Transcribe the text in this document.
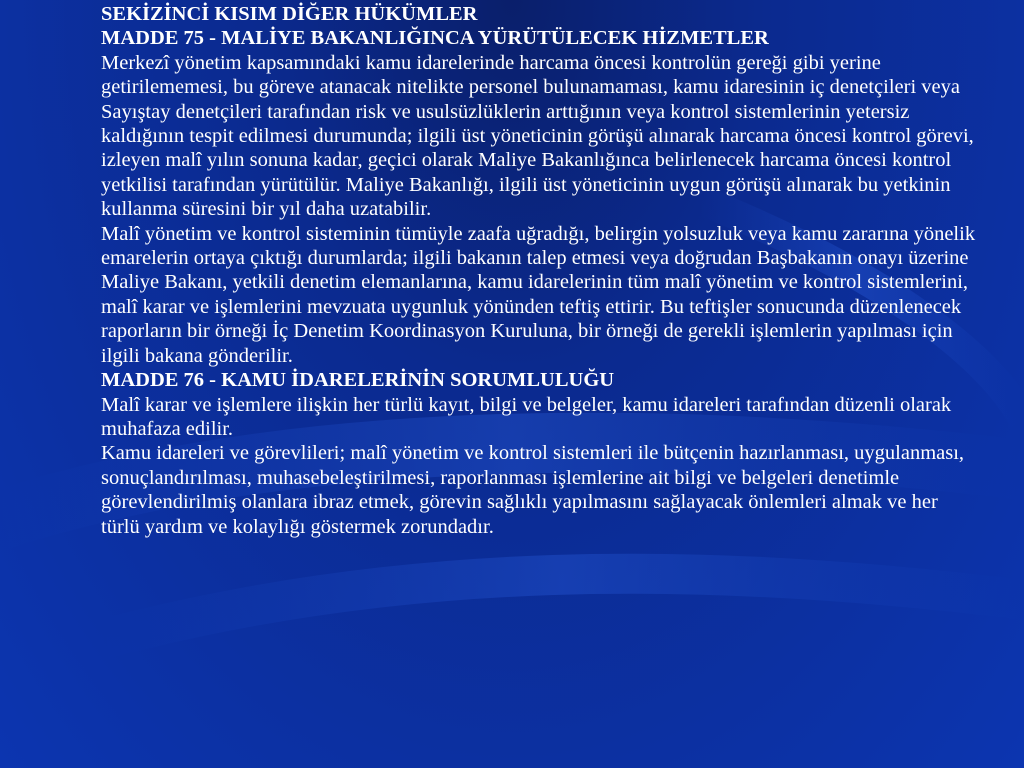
SEKİZİNCİ KISIM DİĞER HÜKÜMLER

MADDE 75 - MALİYE BAKANLIĞINCA YÜRÜTÜLECEK HİZMETLER

Merkezî yönetim kapsamındaki kamu idarelerinde harcama öncesi kontrolün gereği gibi yerine getirilememesi, bu göreve atanacak nitelikte personel bulunamaması, kamu idaresinin iç denetçileri veya Sayıştay denetçileri tarafından risk ve usulsüzlüklerin arttığının veya kontrol sistemlerinin yetersiz kaldığının tespit edilmesi durumunda; ilgili üst yöneticinin görüşü alınarak harcama öncesi kontrol görevi, izleyen malî yılın sonuna kadar, geçici olarak Maliye Bakanlığınca belirlenecek harcama öncesi kontrol yetkilisi tarafından yürütülür. Maliye Bakanlığı, ilgili üst yöneticinin uygun görüşü alınarak bu yetkinin kullanma süresini bir yıl daha uzatabilir.

Malî yönetim ve kontrol sisteminin tümüyle zaafa uğradığı, belirgin yolsuzluk veya kamu zararına yönelik emarelerin ortaya çıktığı durumlarda; ilgili bakanın talep etmesi veya doğrudan Başbakanın onayı üzerine Maliye Bakanı, yetkili denetim elemanlarına, kamu idarelerinin tüm malî yönetim ve kontrol sistemlerini, malî karar ve işlemlerini mevzuata uygunluk yönünden teftiş ettirir. Bu teftişler sonucunda düzenlenecek raporların bir örneği İç Denetim Koordinasyon Kuruluna, bir örneği de gerekli işlemlerin yapılması için ilgili bakana gönderilir.

MADDE 76 - KAMU İDARELERİNİN SORUMLULUĞU

Malî karar ve işlemlere ilişkin her türlü kayıt, bilgi ve belgeler, kamu idareleri tarafından düzenli olarak muhafaza edilir.

Kamu idareleri ve görevlileri; malî yönetim ve kontrol sistemleri ile bütçenin hazırlanması, uygulanması, sonuçlandırılması, muhasebeleştirilmesi, raporlanması işlemlerine ait bilgi ve belgeleri denetimle görevlendirilmiş olanlara ibraz etmek, görevin sağlıklı yapılmasını sağlayacak önlemleri almak ve her türlü yardım ve kolaylığı göstermek zorundadır.
